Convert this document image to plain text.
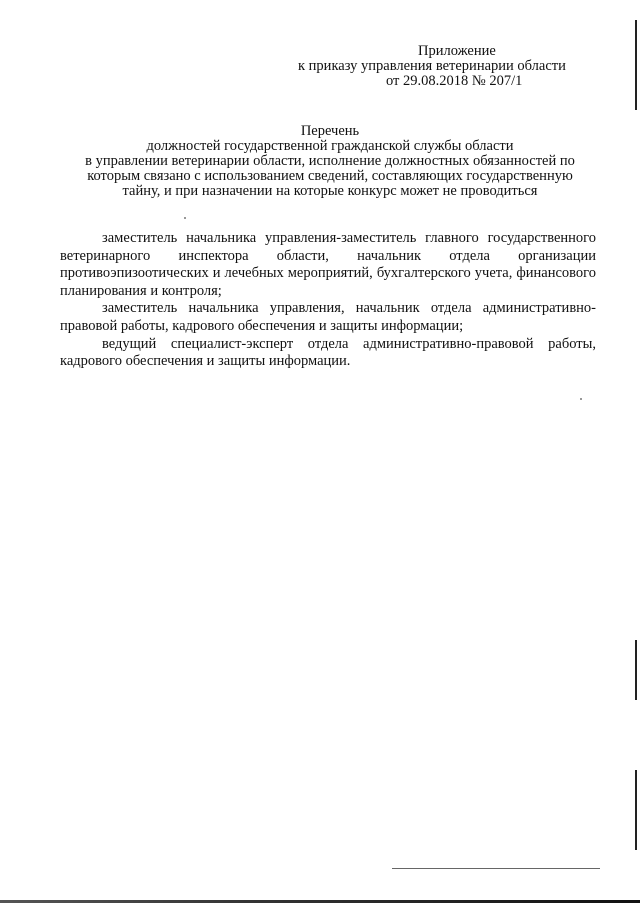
Приложение
к приказу управления ветеринарии области
от 29.08.2018 № 207/1
Перечень
должностей государственной гражданской службы области
в управлении ветеринарии области, исполнение должностных обязанностей по
которым связано с использованием сведений, составляющих государственную
тайну, и при назначении на которые конкурс может не проводиться

заместитель начальника управления-заместитель главного государственного ветеринарного инспектора области, начальник отдела организации противоэпизоотических и лечебных мероприятий, бухгалтерского учета, финансового планирования и контроля;

заместитель начальника управления, начальник отдела административно-правовой работы, кадрового обеспечения и защиты информации;

ведущий специалист-эксперт отдела административно-правовой работы, кадрового обеспечения и защиты информации.
